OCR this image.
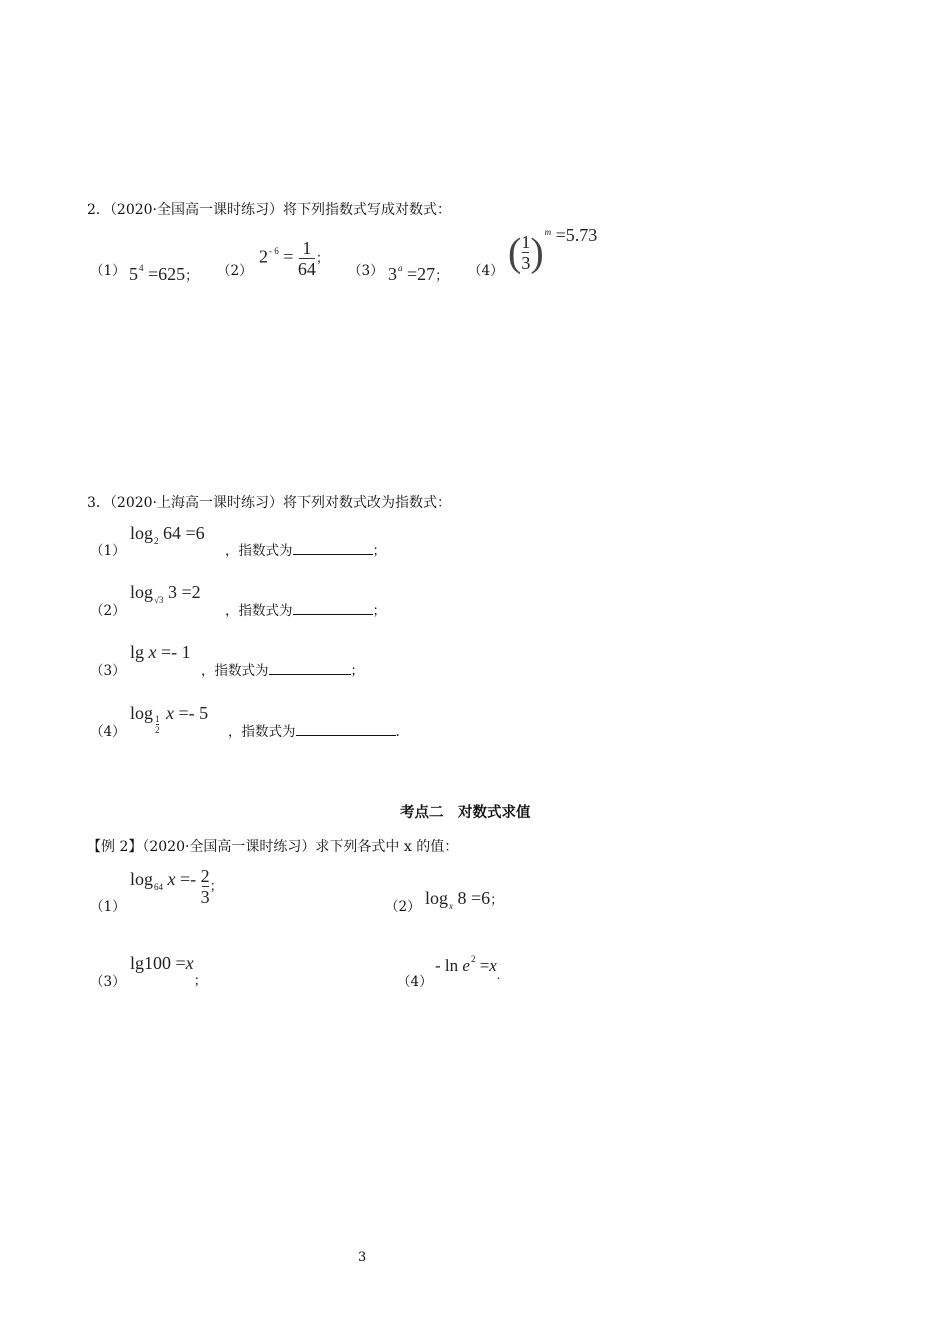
2．（2020·全国高一课时练习）将下列指数式写成对数式：
（1） $5^4 =625$； （2）
$2^{- 6} = \frac{1}{64}$ ；
（3） $3^a =27$； （4） ( $\frac{1}{3} )^m =5.73$
3．（2020·上海高一课时练习）将下列对数式改为指数式：
（1）
$\log_2 64 =6$
，指数式为	；
（2）
$\log_{√3} 3 =2$
，指数式为	；
（3）
lg x =- 1
，指数式为	；
（4）
log
$\frac{1}{2}$
x =- 5
，指数式为	.
考点二　对数式求值
【例 2】（2020·全国高一课时练习）求下列各式中 x 的值：
（1）
$\log_{64} x =- \frac{2}{3}$ ；
（2） $\log_x 8 =6$；
（3）
$\lg 100 =x_;$	（4）
- $\ln e^2 =x_.$
3
